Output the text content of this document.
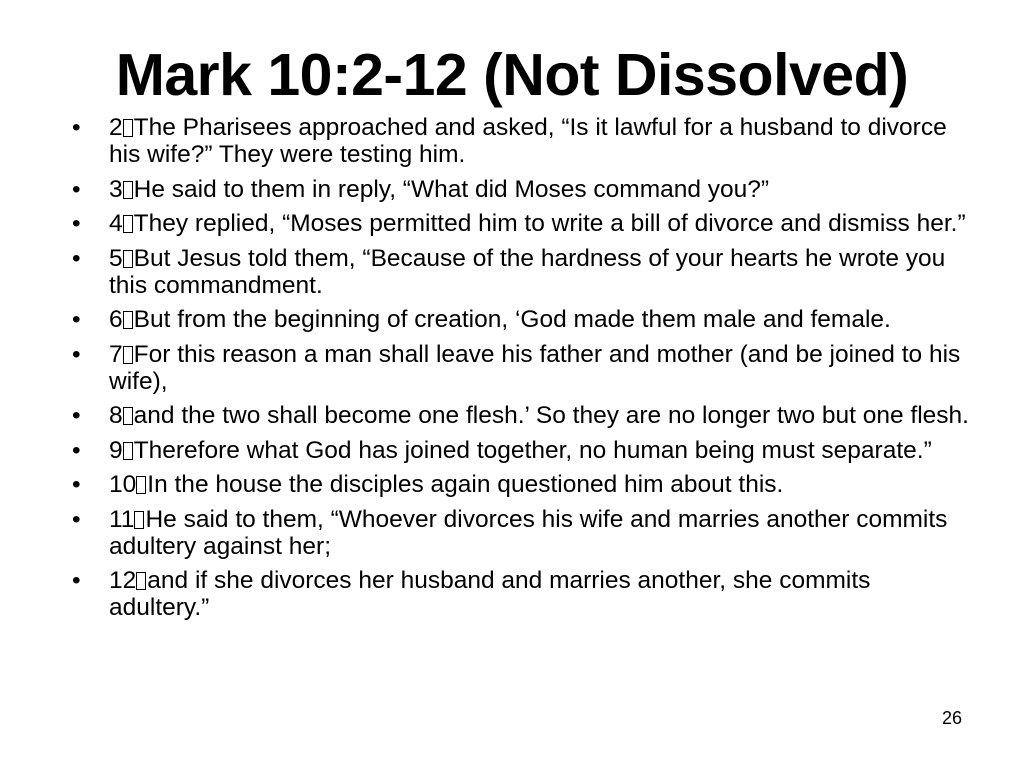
Mark 10:2-12 (Not Dissolved)
• 2 The Pharisees approached and asked, “Is it lawful for a husband to divorce his wife?” They were testing him.
• 3 He said to them in reply, “What did Moses command you?”
• 4 They replied, “Moses permitted him to write a bill of divorce and dismiss her.”
• 5 But Jesus told them, “Because of the hardness of your hearts he wrote you this commandment.
• 6 But from the beginning of creation, ‘God made them male and female.
• 7 For this reason a man shall leave his father and mother (and be joined to his wife),
• 8 and the two shall become one flesh.’ So they are no longer two but one flesh.
• 9 Therefore what God has joined together, no human being must separate.”
• 10 In the house the disciples again questioned him about this.
• 11 He said to them, “Whoever divorces his wife and marries another commits adultery against her;
• 12 and if she divorces her husband and marries another, she commits adultery.”
26
